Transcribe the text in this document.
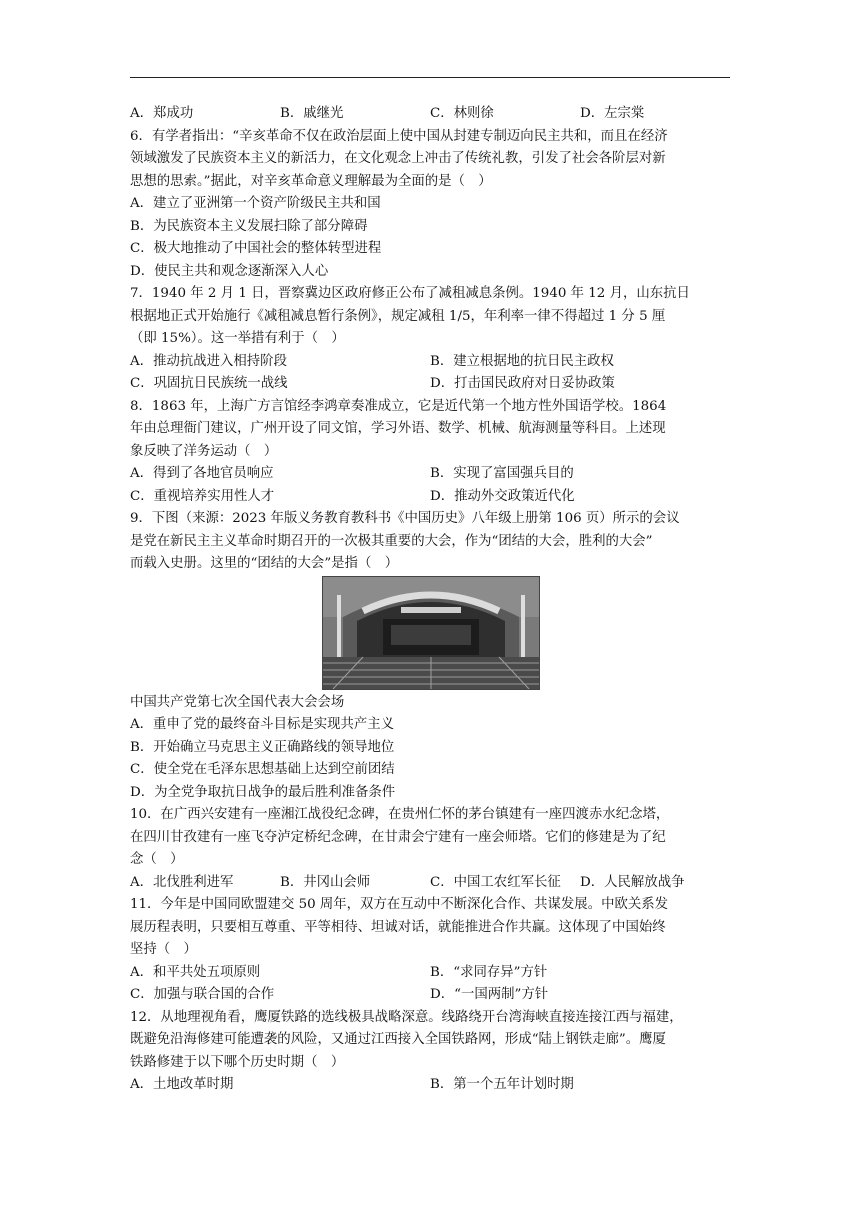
A．郑成功	B．戚继光	C．林则徐	D．左宗棠
6．有学者指出：“辛亥革命不仅在政治层面上使中国从封建专制迈向民主共和，而且在经济
领域激发了民族资本主义的新活力，在文化观念上冲击了传统礼教，引发了社会各阶层对新
思想的思索。”据此，对辛亥革命意义理解最为全面的是（　）
A．建立了亚洲第一个资产阶级民主共和国
B．为民族资本主义发展扫除了部分障碍
C．极大地推动了中国社会的整体转型进程
D．使民主共和观念逐渐深入人心
7．1940 年 2 月 1 日，晋察冀边区政府修正公布了减租减息条例。1940 年 12 月，山东抗日
根据地正式开始施行《减租减息暂行条例》，规定减租 1/5，年利率一律不得超过 1 分 5 厘
（即 15%）。这一举措有利于（　）
A．推动抗战进入相持阶段	B．建立根据地的抗日民主政权
C．巩固抗日民族统一战线	D．打击国民政府对日妥协政策
8．1863 年，上海广方言馆经李鸿章奏准成立，它是近代第一个地方性外国语学校。1864
年由总理衙门建议，广州开设了同文馆，学习外语、数学、机械、航海测量等科目。上述现
象反映了洋务运动（　）
A．得到了各地官员响应	B．实现了富国强兵目的
C．重视培养实用性人才	D．推动外交政策近代化
9．下图（来源：2023 年版义务教育教科书《中国历史》八年级上册第 106 页）所示的会议
是党在新民主主义革命时期召开的一次极其重要的大会，作为“团结的大会，胜利的大会”
而载入史册。这里的“团结的大会”是指（　）
中国共产党第七次全国代表大会会场
A．重申了党的最终奋斗目标是实现共产主义
B．开始确立马克思主义正确路线的领导地位
C．使全党在毛泽东思想基础上达到空前团结
D．为全党争取抗日战争的最后胜利准备条件
10．在广西兴安建有一座湘江战役纪念碑，在贵州仁怀的茅台镇建有一座四渡赤水纪念塔，
在四川甘孜建有一座飞夺泸定桥纪念碑，在甘肃会宁建有一座会师塔。它们的修建是为了纪
念（　）
A．北伐胜利进军	B．井冈山会师	C．中国工农红军长征	D．人民解放战争
11．今年是中国同欧盟建交 50 周年，双方在互动中不断深化合作、共谋发展。中欧关系发
展历程表明，只要相互尊重、平等相待、坦诚对话，就能推进合作共赢。这体现了中国始终
坚持（　）
A．和平共处五项原则	B．“求同存异”方针
C．加强与联合国的合作	D．“一国两制”方针
12．从地理视角看，鹰厦铁路的选线极具战略深意。线路绕开台湾海峡直接连接江西与福建，
既避免沿海修建可能遭袭的风险，又通过江西接入全国铁路网，形成“陆上钢铁走廊”。鹰厦
铁路修建于以下哪个历史时期（　）
A．土地改革时期	B．第一个五年计划时期
